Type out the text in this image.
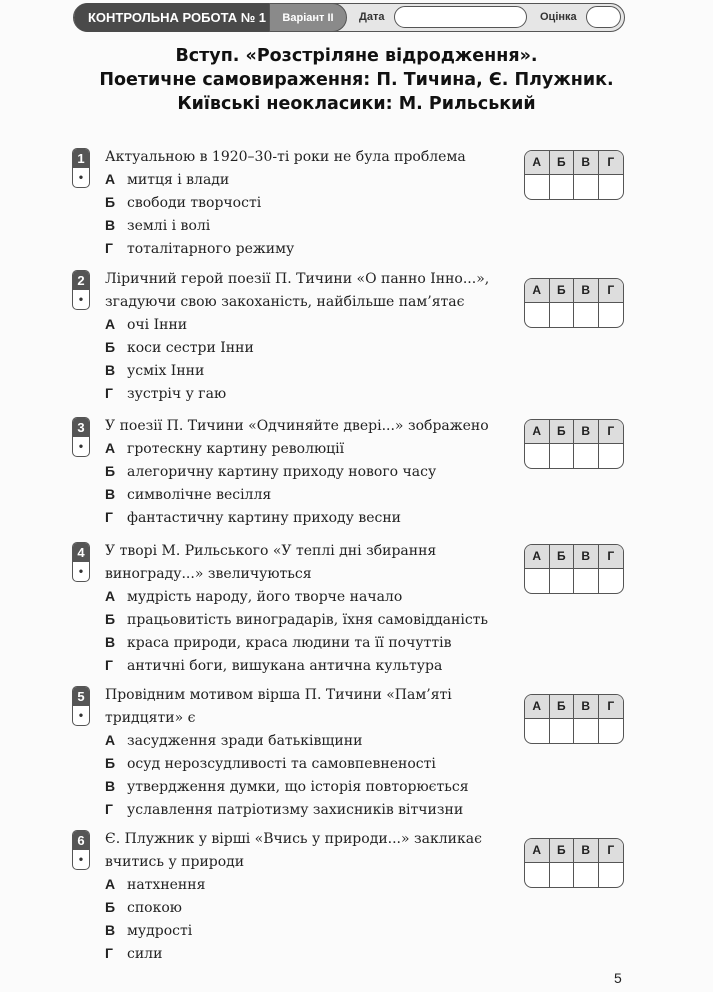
КОНТРОЛЬНА РОБОТА № 1	Варіант II	Дата	Оцінка
Вступ. «Розстріляне відродження».
Поетичне самовираження: П. Тичина, Є. Плужник.
Київські неокласики: М. Рильський
1
•
Актуальною в 1920–30-ті роки не була проблема
А митця і влади
Б свободи творчості
В землі і волі
Г тоталітарного режиму
А	Б	В	Г
2
•
Ліричний герой поезії П. Тичини «О панно Інно...», згадуючи свою закоханість, найбільше пам’ятає
А очі Інни
Б коси сестри Інни
В усміх Інни
Г зустріч у гаю
А	Б	В	Г
3
•
У поезії П. Тичини «Одчиняйте двері...» зображено
А гротескну картину революції
Б алегоричну картину приходу нового часу
В символічне весілля
Г фантастичну картину приходу весни
А	Б	В	Г
4
•
У творі М. Рильського «У теплі дні збирання винограду...» звеличуються
А мудрість народу, його творче начало
Б працьовитість виноградарів, їхня самовідданість
В краса природи, краса людини та її почуттів
Г античні боги, вишукана антична культура
А	Б	В	Г
5
•
Провідним мотивом вірша П. Тичини «Пам’яті тридцяти» є
А засудження зради батьківщини
Б осуд нерозсудливості та самовпевненості
В утвердження думки, що історія повторюється
Г уславлення патріотизму захисників вітчизни
А	Б	В	Г
6
•
Є. Плужник у вірші «Вчись у природи...» закликає вчитись у природи
А натхнення
Б спокою
В мудрості
Г сили
А	Б	В	Г
5
